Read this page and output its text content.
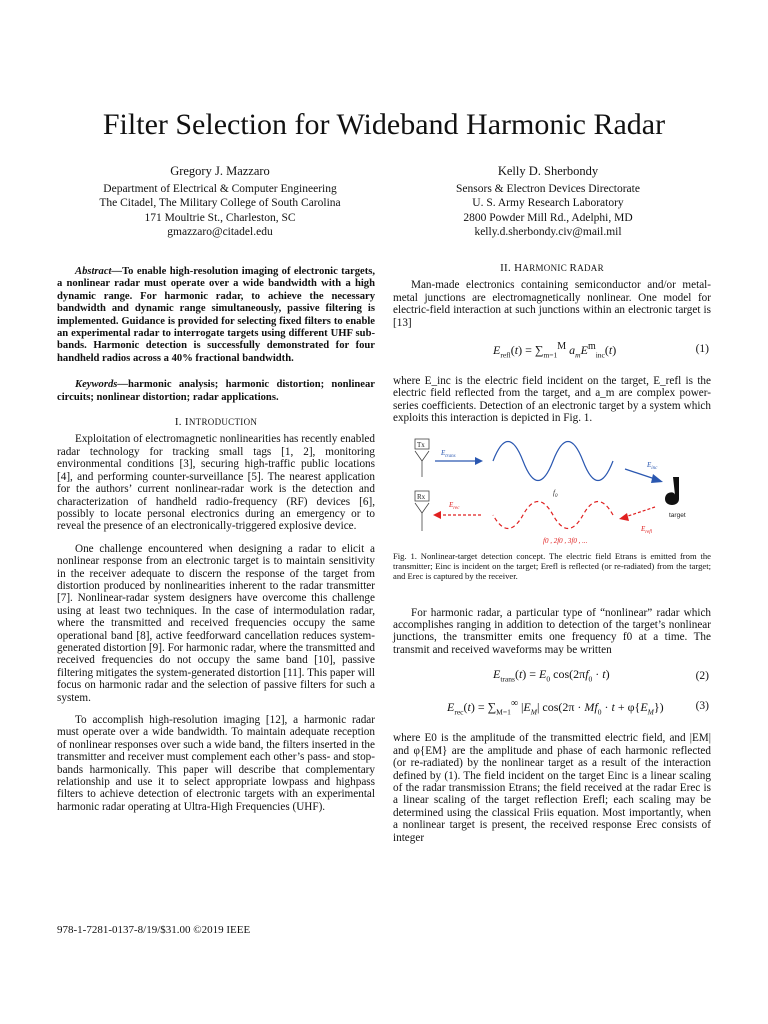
Filter Selection for Wideband Harmonic Radar
Gregory J. Mazzaro
Department of Electrical & Computer Engineering
The Citadel, The Military College of South Carolina
171 Moultrie St., Charleston, SC
gmazzaro@citadel.edu
Kelly D. Sherbondy
Sensors & Electron Devices Directorate
U. S. Army Research Laboratory
2800 Powder Mill Rd., Adelphi, MD
kelly.d.sherbondy.civ@mail.mil

Abstract—To enable high-resolution imaging of electronic targets, a nonlinear radar must operate over a wide bandwidth with a high dynamic range. For harmonic radar, to achieve the necessary bandwidth and dynamic range simultaneously, passive filtering is implemented. Guidance is provided for selecting fixed filters to enable an experimental radar to interrogate targets using different UHF sub-bands. Harmonic detection is successfully demonstrated for four handheld radios across a 40% fractional bandwidth.

Keywords—harmonic analysis; harmonic distortion; nonlinear circuits; nonlinear distortion; radar applications.

I. INTRODUCTION

Exploitation of electromagnetic nonlinearities has recently enabled radar technology for tracking small tags [1, 2], monitoring environmental conditions [3], securing high-traffic public locations [4], and performing counter-surveillance [5]. The nearest application for the authors’ current nonlinear-radar work is the detection and characterization of handheld radio-frequency (RF) devices [6], possibly to locate personal electronics during an emergency or to reveal the presence of an electronically-triggered explosive device.

One challenge encountered when designing a radar to elicit a nonlinear response from an electronic target is to maintain sensitivity in the receiver adequate to discern the response of the target from distortion produced by nonlinearities inherent to the radar transmitter [7]. Nonlinear-radar system designers have overcome this challenge using at least two techniques. In the case of intermodulation radar, where the transmitted and received frequencies occupy the same operational band [8], active feedforward cancellation reduces system-generated distortion [9]. For harmonic radar, where the transmitted and received frequencies do not occupy the same band [10], passive filtering mitigates the system-generated distortion [11]. This paper will focus on harmonic radar and the selection of passive filters for such a system.

To accomplish high-resolution imaging [12], a harmonic radar must operate over a wide bandwidth. To maintain adequate reception of nonlinear responses over such a wide band, the filters inserted in the transmitter and receiver must complement each other’s pass- and stop-bands harmonically. This paper will describe that complementary relationship and use it to select appropriate lowpass and highpass filters to achieve detection of electronic targets with an experimental harmonic radar operating at Ultra-High Frequencies (UHF).

II. HARMONIC RADAR

Man-made electronics containing semiconductor and/or metal-metal junctions are electromagnetically nonlinear. One model for electric-field interaction at such junctions within an electronic target is [13]

$E_{refl}(t) = \sum_{m=1}^M$ $a_mE^m_{inc}(t)$	(1)

where E_inc is the electric field incident on the target, E_refl is the electric field reflected from the target, and a_m are complex power-series coefficients. Detection of an electronic target by a system which exploits this interaction is depicted in Fig. 1.

Tx
Rx
$E_{trans}$
$f_0$
$E_{inc}$
target
$E_{refl}$
$E_{rec}$
f0 , 2f0 , 3f0 , ...

Fig. 1. Nonlinear-target detection concept. The electric field Etrans is emitted from the transmitter; Einc is incident on the target; Erefl is reflected (or re-radiated) from the target; and Erec is captured by the receiver.

For harmonic radar, a particular type of “nonlinear” radar which accomplishes ranging in addition to detection of the target’s nonlinear junctions, the transmitter emits one frequency f0 at a time. The transmit and received waveforms may be written

$E_{trans}(t) = E_0$ $\cos(2\pi f_0 \cdot t)$	(2)
$E_{rec}(t) = \sum_{M=1}^\infty$ $|E_M|$ $\cos(2\pi \cdot Mf_0 \cdot t + \varphi\{E_M\})$	(3)

where E0 is the amplitude of the transmitted electric field, and |EM| and φ{EM} are the amplitude and phase of each harmonic reflected (or re-radiated) by the nonlinear target as a result of the interaction defined by (1). The field incident on the target Einc is a linear scaling of the radar transmission Etrans; the field received at the radar Erec is a linear scaling of the target reflection Erefl; each scaling may be determined using the classical Friis equation. Most importantly, when a nonlinear target is present, the received response Erec consists of integer

978-1-7281-0137-8/19/$31.00 ©2019 IEEE
